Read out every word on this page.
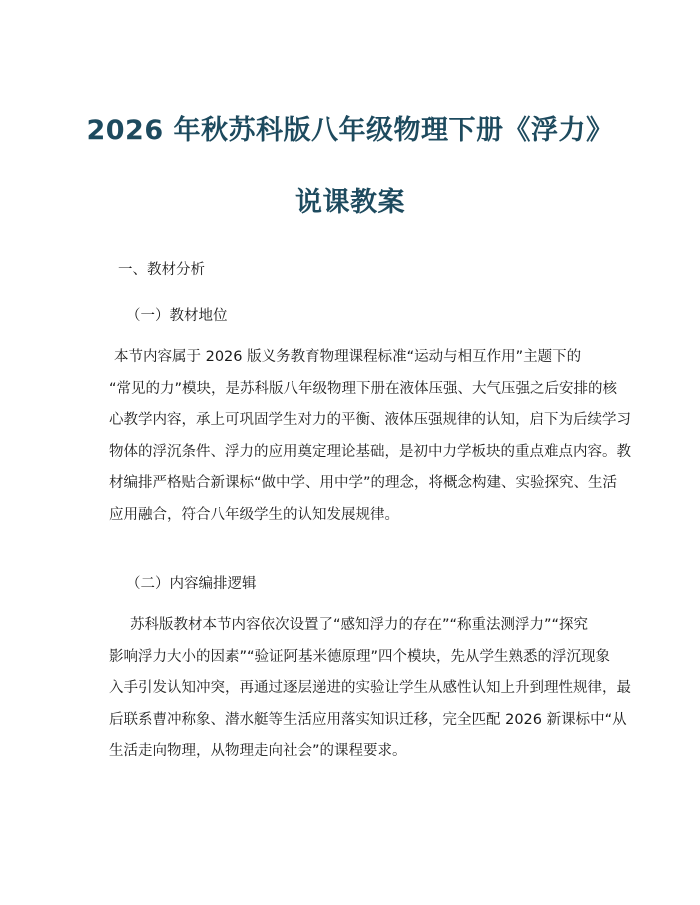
2026 年秋苏科版八年级物理下册《浮力》
说课教案
一、教材分析
（一）教材地位
本节内容属于 2026 版义务教育物理课程标准“运动与相互作用”主题下的
“常见的力”模块，是苏科版八年级物理下册在液体压强、大气压强之后安排的核
心教学内容，承上可巩固学生对力的平衡、液体压强规律的认知，启下为后续学习
物体的浮沉条件、浮力的应用奠定理论基础，是初中力学板块的重点难点内容。教
材编排严格贴合新课标“做中学、用中学”的理念，将概念构建、实验探究、生活
应用融合，符合八年级学生的认知发展规律。
（二）内容编排逻辑
苏科版教材本节内容依次设置了“感知浮力的存在”“称重法测浮力”“探究
影响浮力大小的因素”“验证阿基米德原理”四个模块，先从学生熟悉的浮沉现象
入手引发认知冲突，再通过逐层递进的实验让学生从感性认知上升到理性规律，最
后联系曹冲称象、潜水艇等生活应用落实知识迁移，完全匹配 2026 新课标中“从
生活走向物理，从物理走向社会”的课程要求。
